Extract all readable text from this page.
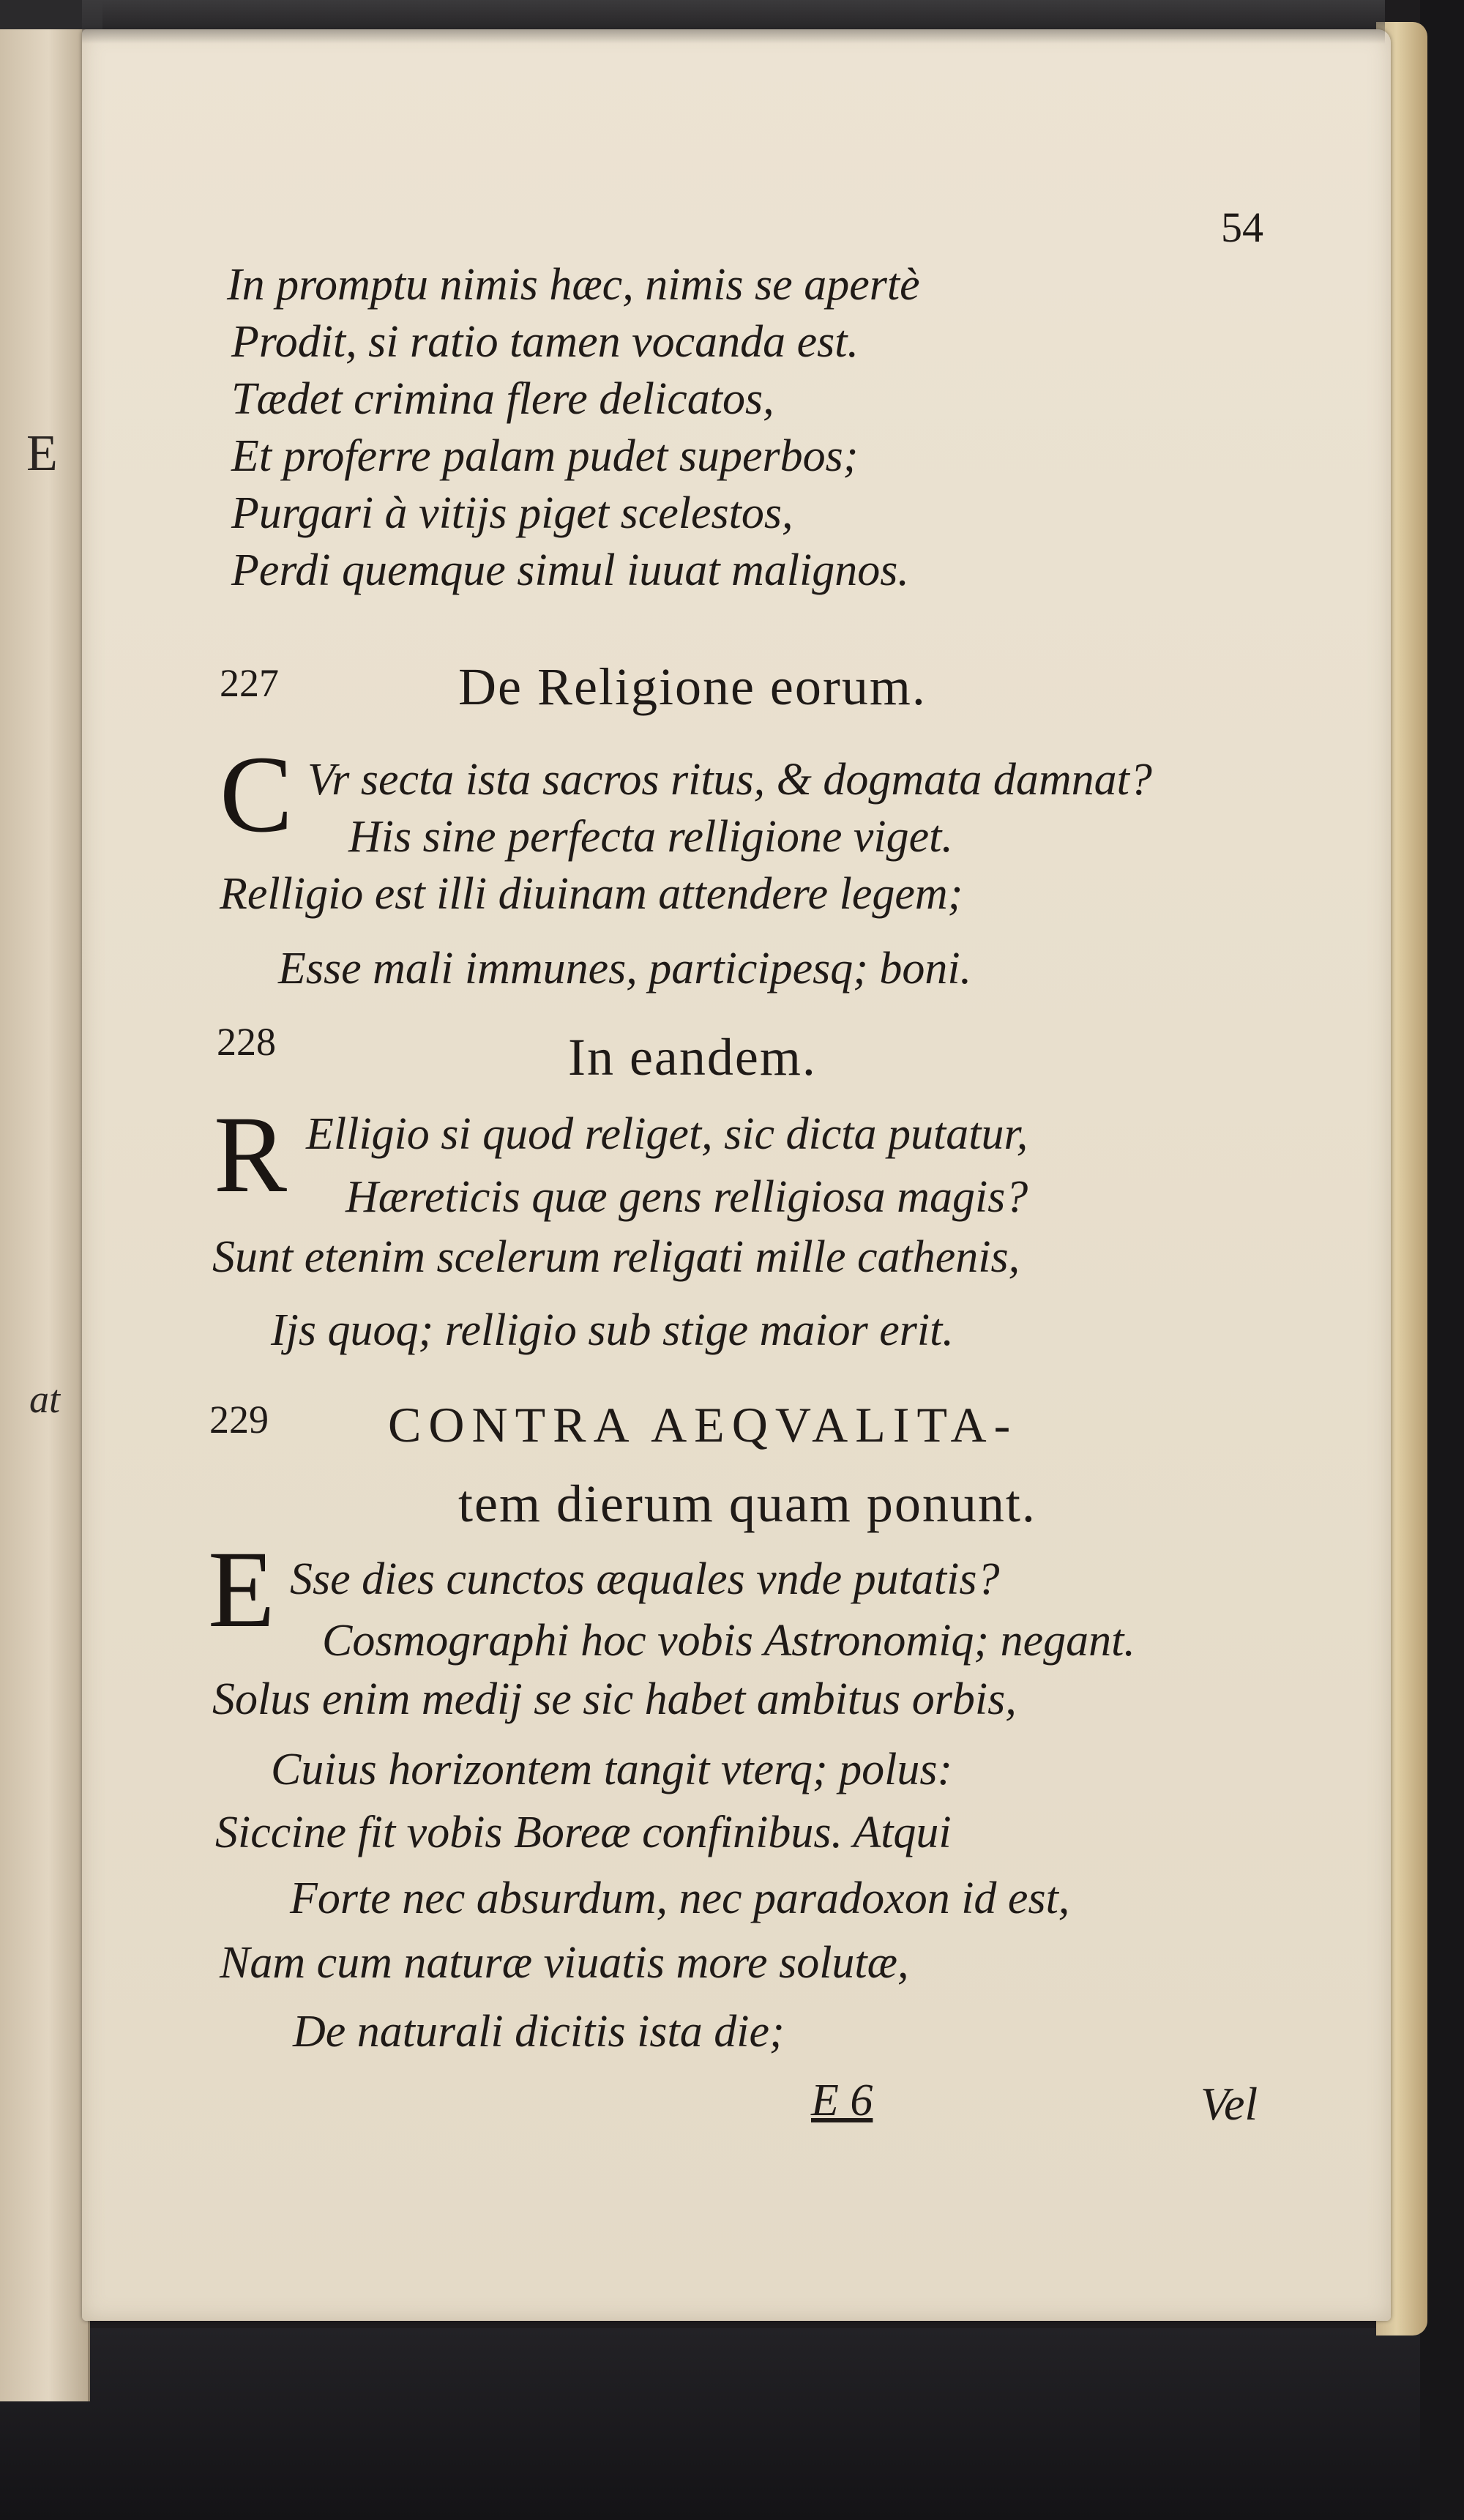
E
at
54
In promptu nimis hæc, nimis se apertè
Prodit, si ratio tamen vocanda est.
Tædet crimina flere delicatos,
Et proferre palam pudet superbos;
Purgari à vitijs piget scelestos,
Perdi quemque simul iuuat malignos.
227	De Religione eorum.
C Vr secta ista sacros ritus, & dogmata damnat?
His sine perfecta relligione viget.
Relligio est illi diuinam attendere legem;
Esse mali immunes, participesq; boni.
228	In eandem.
R Elligio si quod religet, sic dicta putatur,
Hæreticis quæ gens relligiosa magis?
Sunt etenim scelerum religati mille cathenis,
Ijs quoq; relligio sub stige maior erit.
229 CONTRA AEQVALITA-
tem dierum quam ponunt.
E Sse dies cunctos æquales vnde putatis?
Cosmographi hoc vobis Astronomiq; negant.
Solus enim medij se sic habet ambitus orbis,
Cuius horizontem tangit vterq; polus:
Siccine fit vobis Boreæ confinibus. Atqui
Forte nec absurdum, nec paradoxon id est,
Nam cum naturæ viuatis more solutæ,
De naturali dicitis ista die;
E 6	Vel
